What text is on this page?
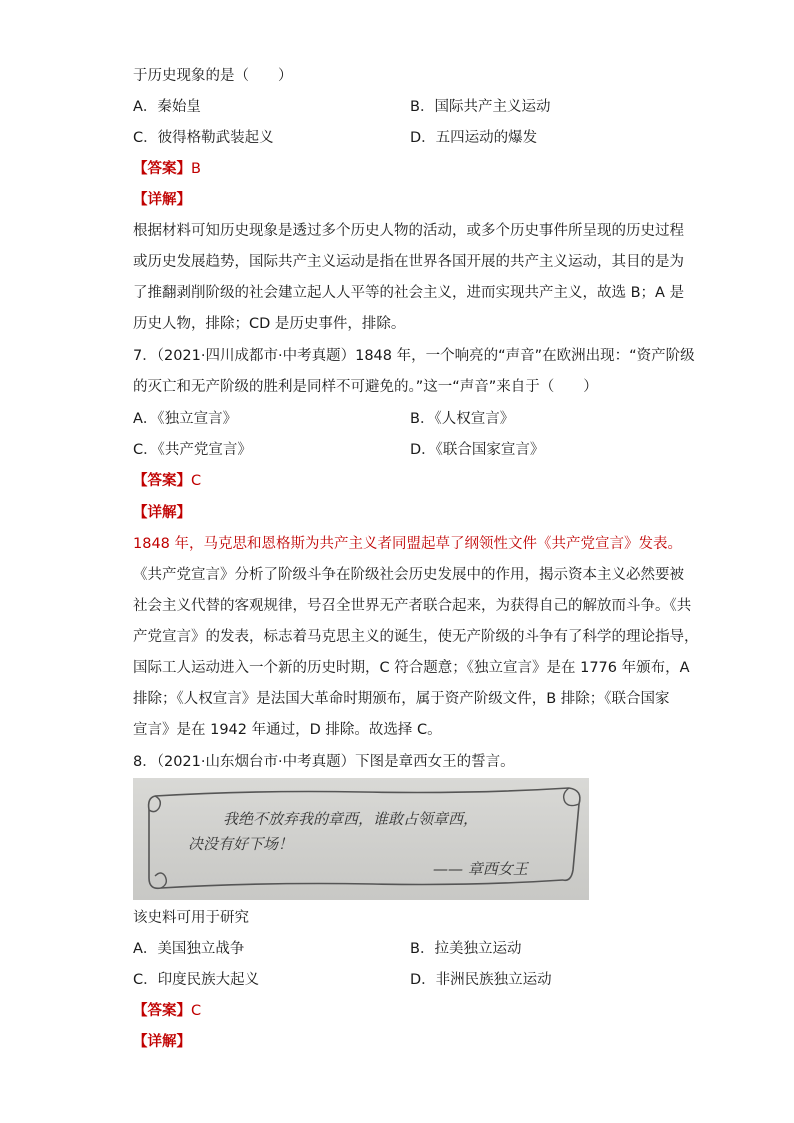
于历史现象的是（　　）
A．秦始皇	B．国际共产主义运动
C．彼得格勒武装起义	D．五四运动的爆发
【答案】B
【详解】
根据材料可知历史现象是透过多个历史人物的活动，或多个历史事件所呈现的历史过程
或历史发展趋势，国际共产主义运动是指在世界各国开展的共产主义运动，其目的是为
了推翻剥削阶级的社会建立起人人平等的社会主义，进而实现共产主义，故选 B；A 是
历史人物，排除；CD 是历史事件，排除。
7．（2021·四川成都市·中考真题）1848 年，一个响亮的“声音”在欧洲出现：“资产阶级
的灭亡和无产阶级的胜利是同样不可避免的。”这一“声音”来自于（　　）
A．《独立宣言》	B．《人权宣言》
C．《共产党宣言》	D．《联合国家宣言》
【答案】C
【详解】
1848 年，马克思和恩格斯为共产主义者同盟起草了纲领性文件《共产党宣言》发表。
《共产党宣言》分析了阶级斗争在阶级社会历史发展中的作用，揭示资本主义必然要被
社会主义代替的客观规律，号召全世界无产者联合起来，为获得自己的解放而斗争。《共
产党宣言》的发表，标志着马克思主义的诞生，使无产阶级的斗争有了科学的理论指导，
国际工人运动进入一个新的历史时期，C 符合题意；《独立宣言》是在 1776 年颁布，A
排除；《人权宣言》是法国大革命时期颁布，属于资产阶级文件，B 排除；《联合国家
宣言》是在 1942 年通过，D 排除。故选择 C。
8．（2021·山东烟台市·中考真题）下图是章西女王的誓言。
我绝不放弃我的章西，谁敢占领章西，
决没有好下场！
—— 章西女王
该史料可用于研究
A．美国独立战争	B．拉美独立运动
C．印度民族大起义	D．非洲民族独立运动
【答案】C
【详解】
